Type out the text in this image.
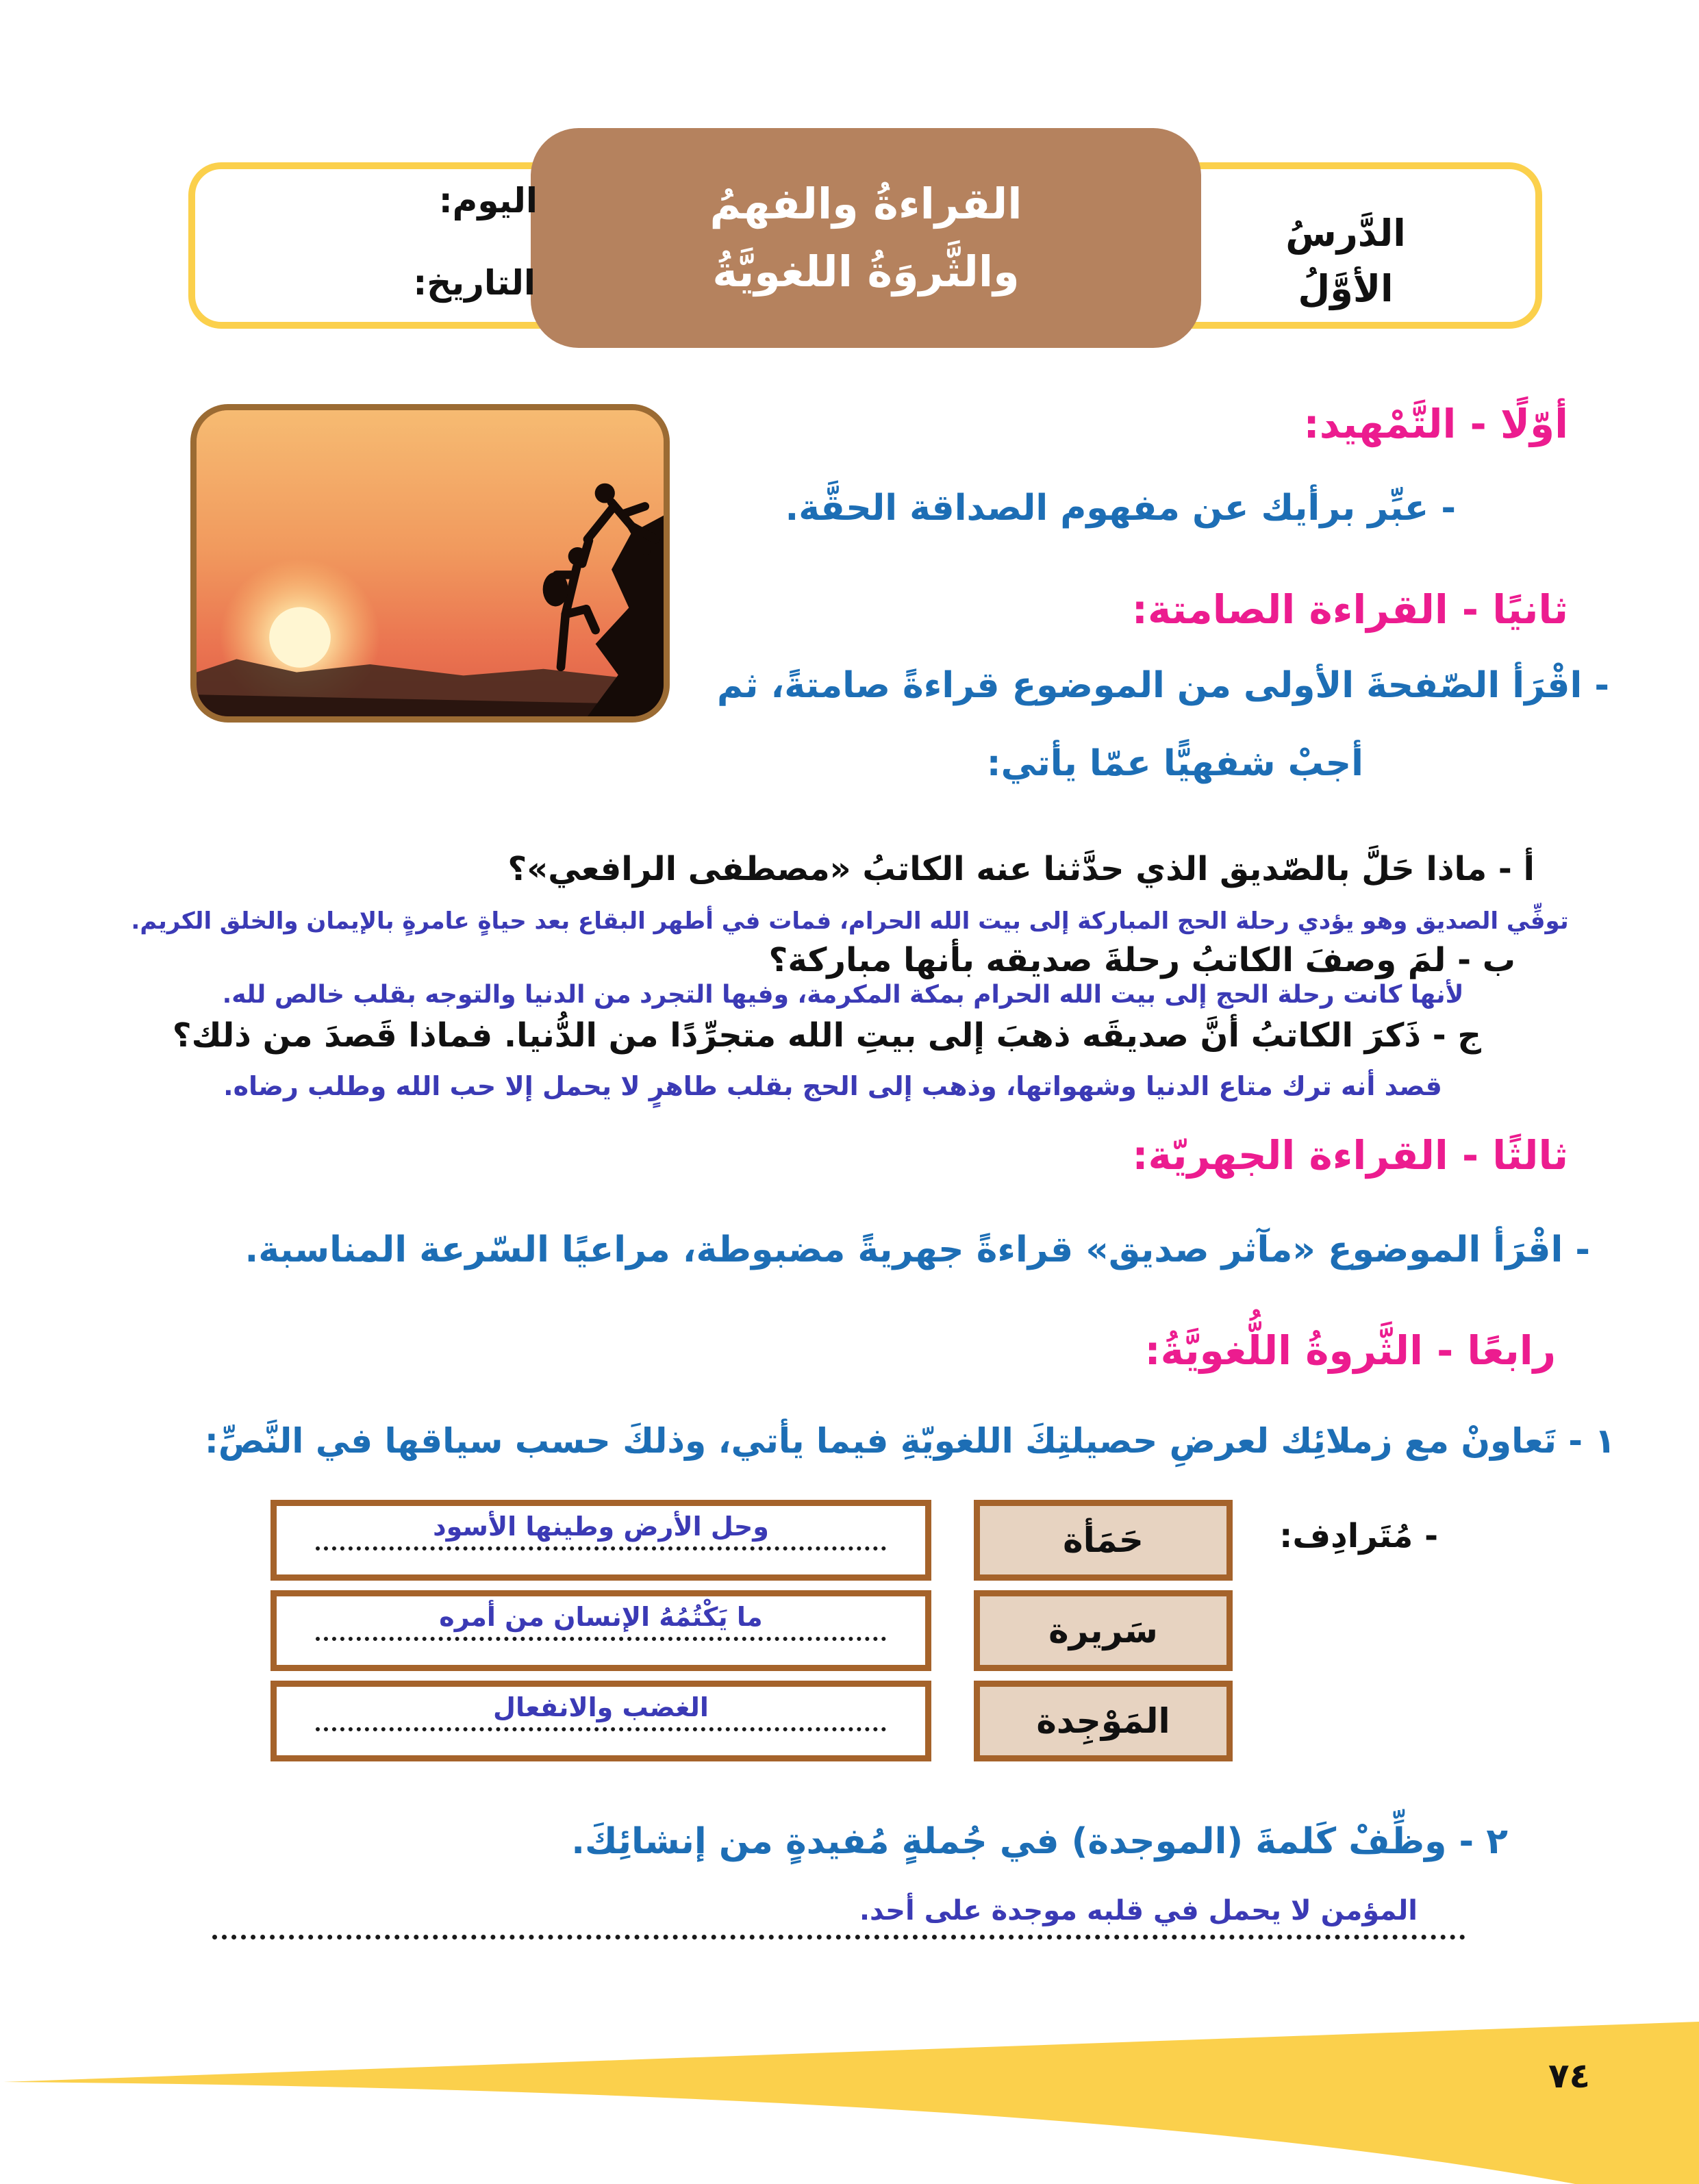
الدَّرسُ الأوَّلُ
القراءةُ والفهمُ
والثَّروَةُ اللغويَّةُ
اليوم:
التاريخ:
أوّلًا - التَّمْهيد:
- عبِّر برأيك عن مفهوم الصداقة الحقَّة.
ثانيًا - القراءة الصامتة:
- اقْرَأ الصّفحةَ الأولى من الموضوع قراءةً صامتةً، ثم
أجبْ شفهيًّا عمّا يأتي:
أ - ماذا حَلَّ بالصّديق الذي حدَّثنا عنه الكاتبُ «مصطفى الرافعي»؟
توفِّي الصديق وهو يؤدي رحلة الحج المباركة إلى بيت الله الحرام، فمات في أطهر البقاع بعد حياةٍ عامرةٍ بالإيمان والخلق الكريم.
ب - لمَ وصفَ الكاتبُ رحلةَ صديقه بأنها مباركة؟
لأنها كانت رحلة الحج إلى بيت الله الحرام بمكة المكرمة، وفيها التجرد من الدنيا والتوجه بقلب خالص لله.
ج - ذَكرَ الكاتبُ أنَّ صديقَه ذهبَ إلى بيتِ الله متجرِّدًا من الدُّنيا. فماذا قَصدَ من ذلك؟
قصد أنه ترك متاع الدنيا وشهواتها، وذهب إلى الحج بقلب طاهرٍ لا يحمل إلا حب الله وطلب رضاه.
ثالثًا - القراءة الجهريّة:
- اقْرَأ الموضوع «مآثر صديق» قراءةً جهريةً مضبوطة، مراعيًا السّرعة المناسبة.
رابعًا - الثَّروةُ اللُّغويَّةُ:
١ - تَعاونْ مع زملائِك لعرضِ حصيلتِكَ اللغويّةِ فيما يأتي، وذلكَ حسب سياقها في النَّصِّ:
- مُتَرادِف:
حَمَأة
وحل الأرض وطينها الأسود
سَريرة
ما يَكْتُمُهُ الإنسان من أمره
المَوْجِدة
الغضب والانفعال
٢ - وظِّفْ كَلمةَ (الموجدة) في جُملةٍ مُفيدةٍ من إنشائِكَ.
المؤمن لا يحمل في قلبه موجدة على أحد.
٧٤
